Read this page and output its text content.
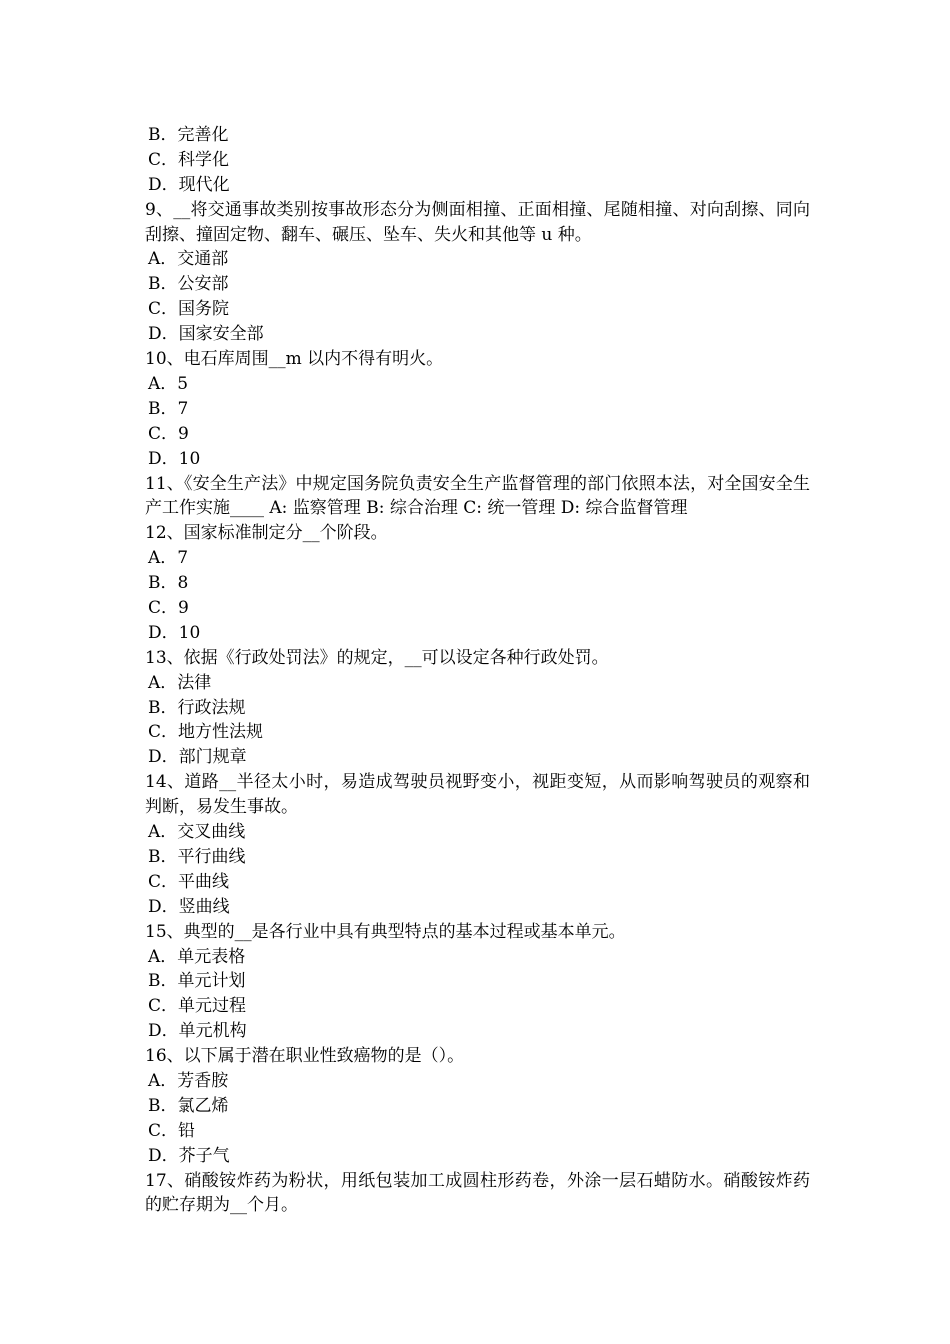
B．完善化
C．科学化
D．现代化
9、__将交通事故类别按事故形态分为侧面相撞、正面相撞、尾随相撞、对向刮擦、同向刮擦、撞固定物、翻车、碾压、坠车、失火和其他等 u 种。
A．交通部
B．公安部
C．国务院
D．国家安全部
10、电石库周围__m 以内不得有明火。
A．5
B．7
C．9
D．10
11、《安全生产法》中规定国务院负责安全生产监督管理的部门依照本法，对全国安全生产工作实施____ A: 监察管理 B: 综合治理 C: 统一管理 D: 综合监督管理
12、国家标准制定分__个阶段。
A．7
B．8
C．9
D．10
13、依据《行政处罚法》的规定，__可以设定各种行政处罚。
A．法律
B．行政法规
C．地方性法规
D．部门规章
14、道路__半径太小时，易造成驾驶员视野变小，视距变短，从而影响驾驶员的观察和判断，易发生事故。
A．交叉曲线
B．平行曲线
C．平曲线
D．竖曲线
15、典型的__是各行业中具有典型特点的基本过程或基本单元。
A．单元表格
B．单元计划
C．单元过程
D．单元机构
16、以下属于潜在职业性致癌物的是（）。
A．芳香胺
B．氯乙烯
C．铅
D．芥子气
17、硝酸铵炸药为粉状，用纸包装加工成圆柱形药卷，外涂一层石蜡防水。硝酸铵炸药的贮存期为__个月。
